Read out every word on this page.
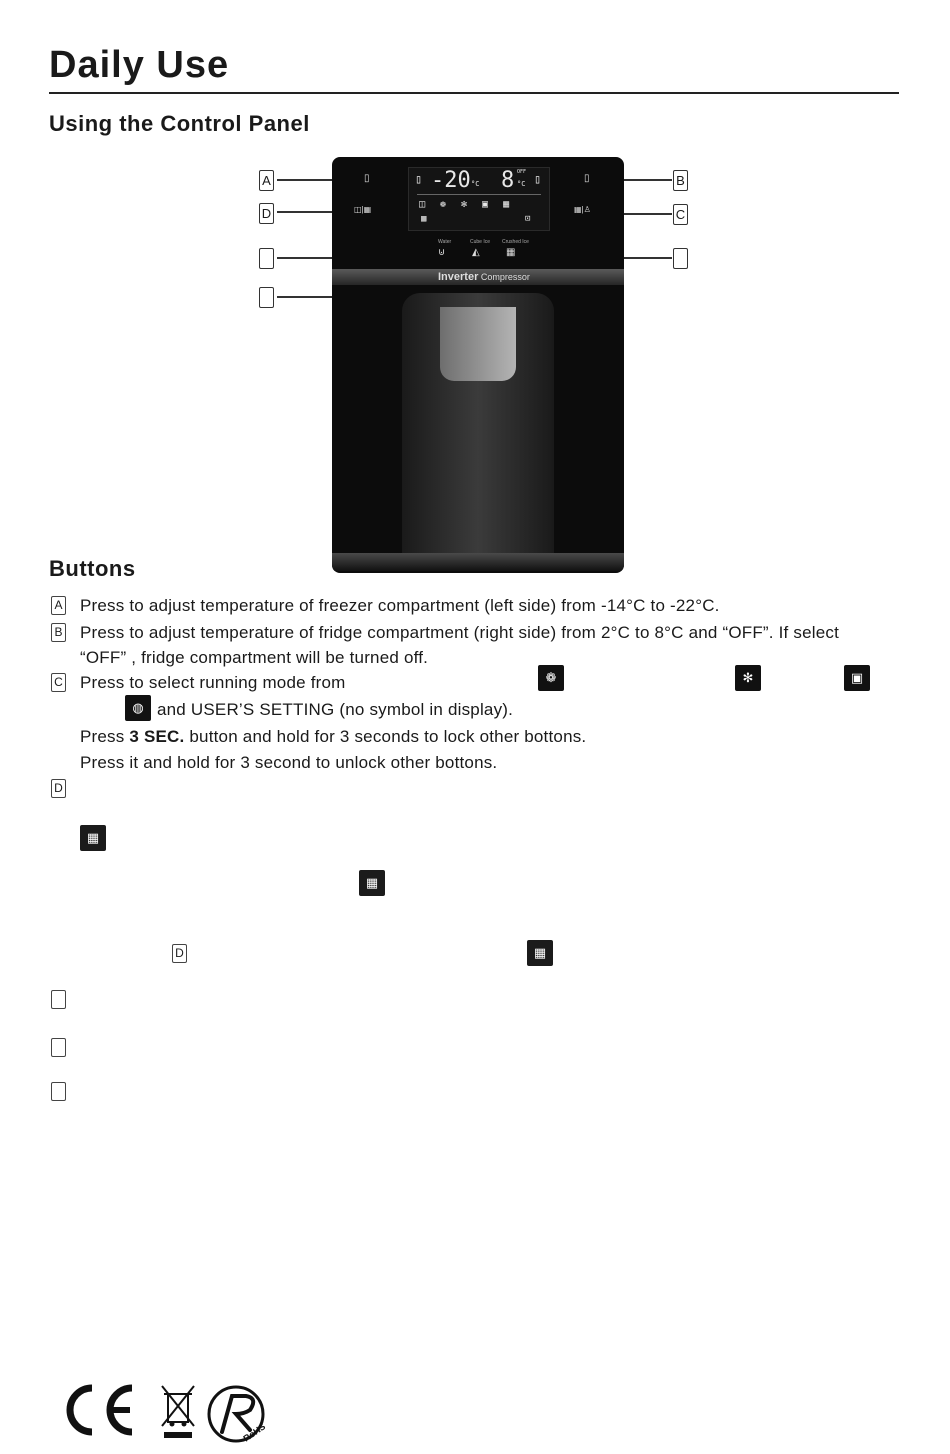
Daily Use
Using the Control Panel
A
D
B
C
▯
◫|▦
▯
▦|♙
▯ -20 °C 8 OFF
°C ▯
◫❁✻▣▦
▦	⊡
Water	Cube Ice Crushed Ice
⊍	◭	▦
Inverter Compressor
Buttons
A Press to adjust temperature of freezer compartment (left side) from -14°C to -22°C.
B Press to adjust temperature of fridge compartment (right side) from 2°C to 8°C and “OFF”. If select
“OFF” , fridge compartment will be turned off.
C Press to select running mode from	❁	✻	▣
◍ and USER’S SETTING (no symbol in display).
Press 3 SEC. button and hold for 3 seconds to lock other bottons.
Press it and hold for 3 second to unlock other bottons.
D
▦
▦
D	▦
RoHS
